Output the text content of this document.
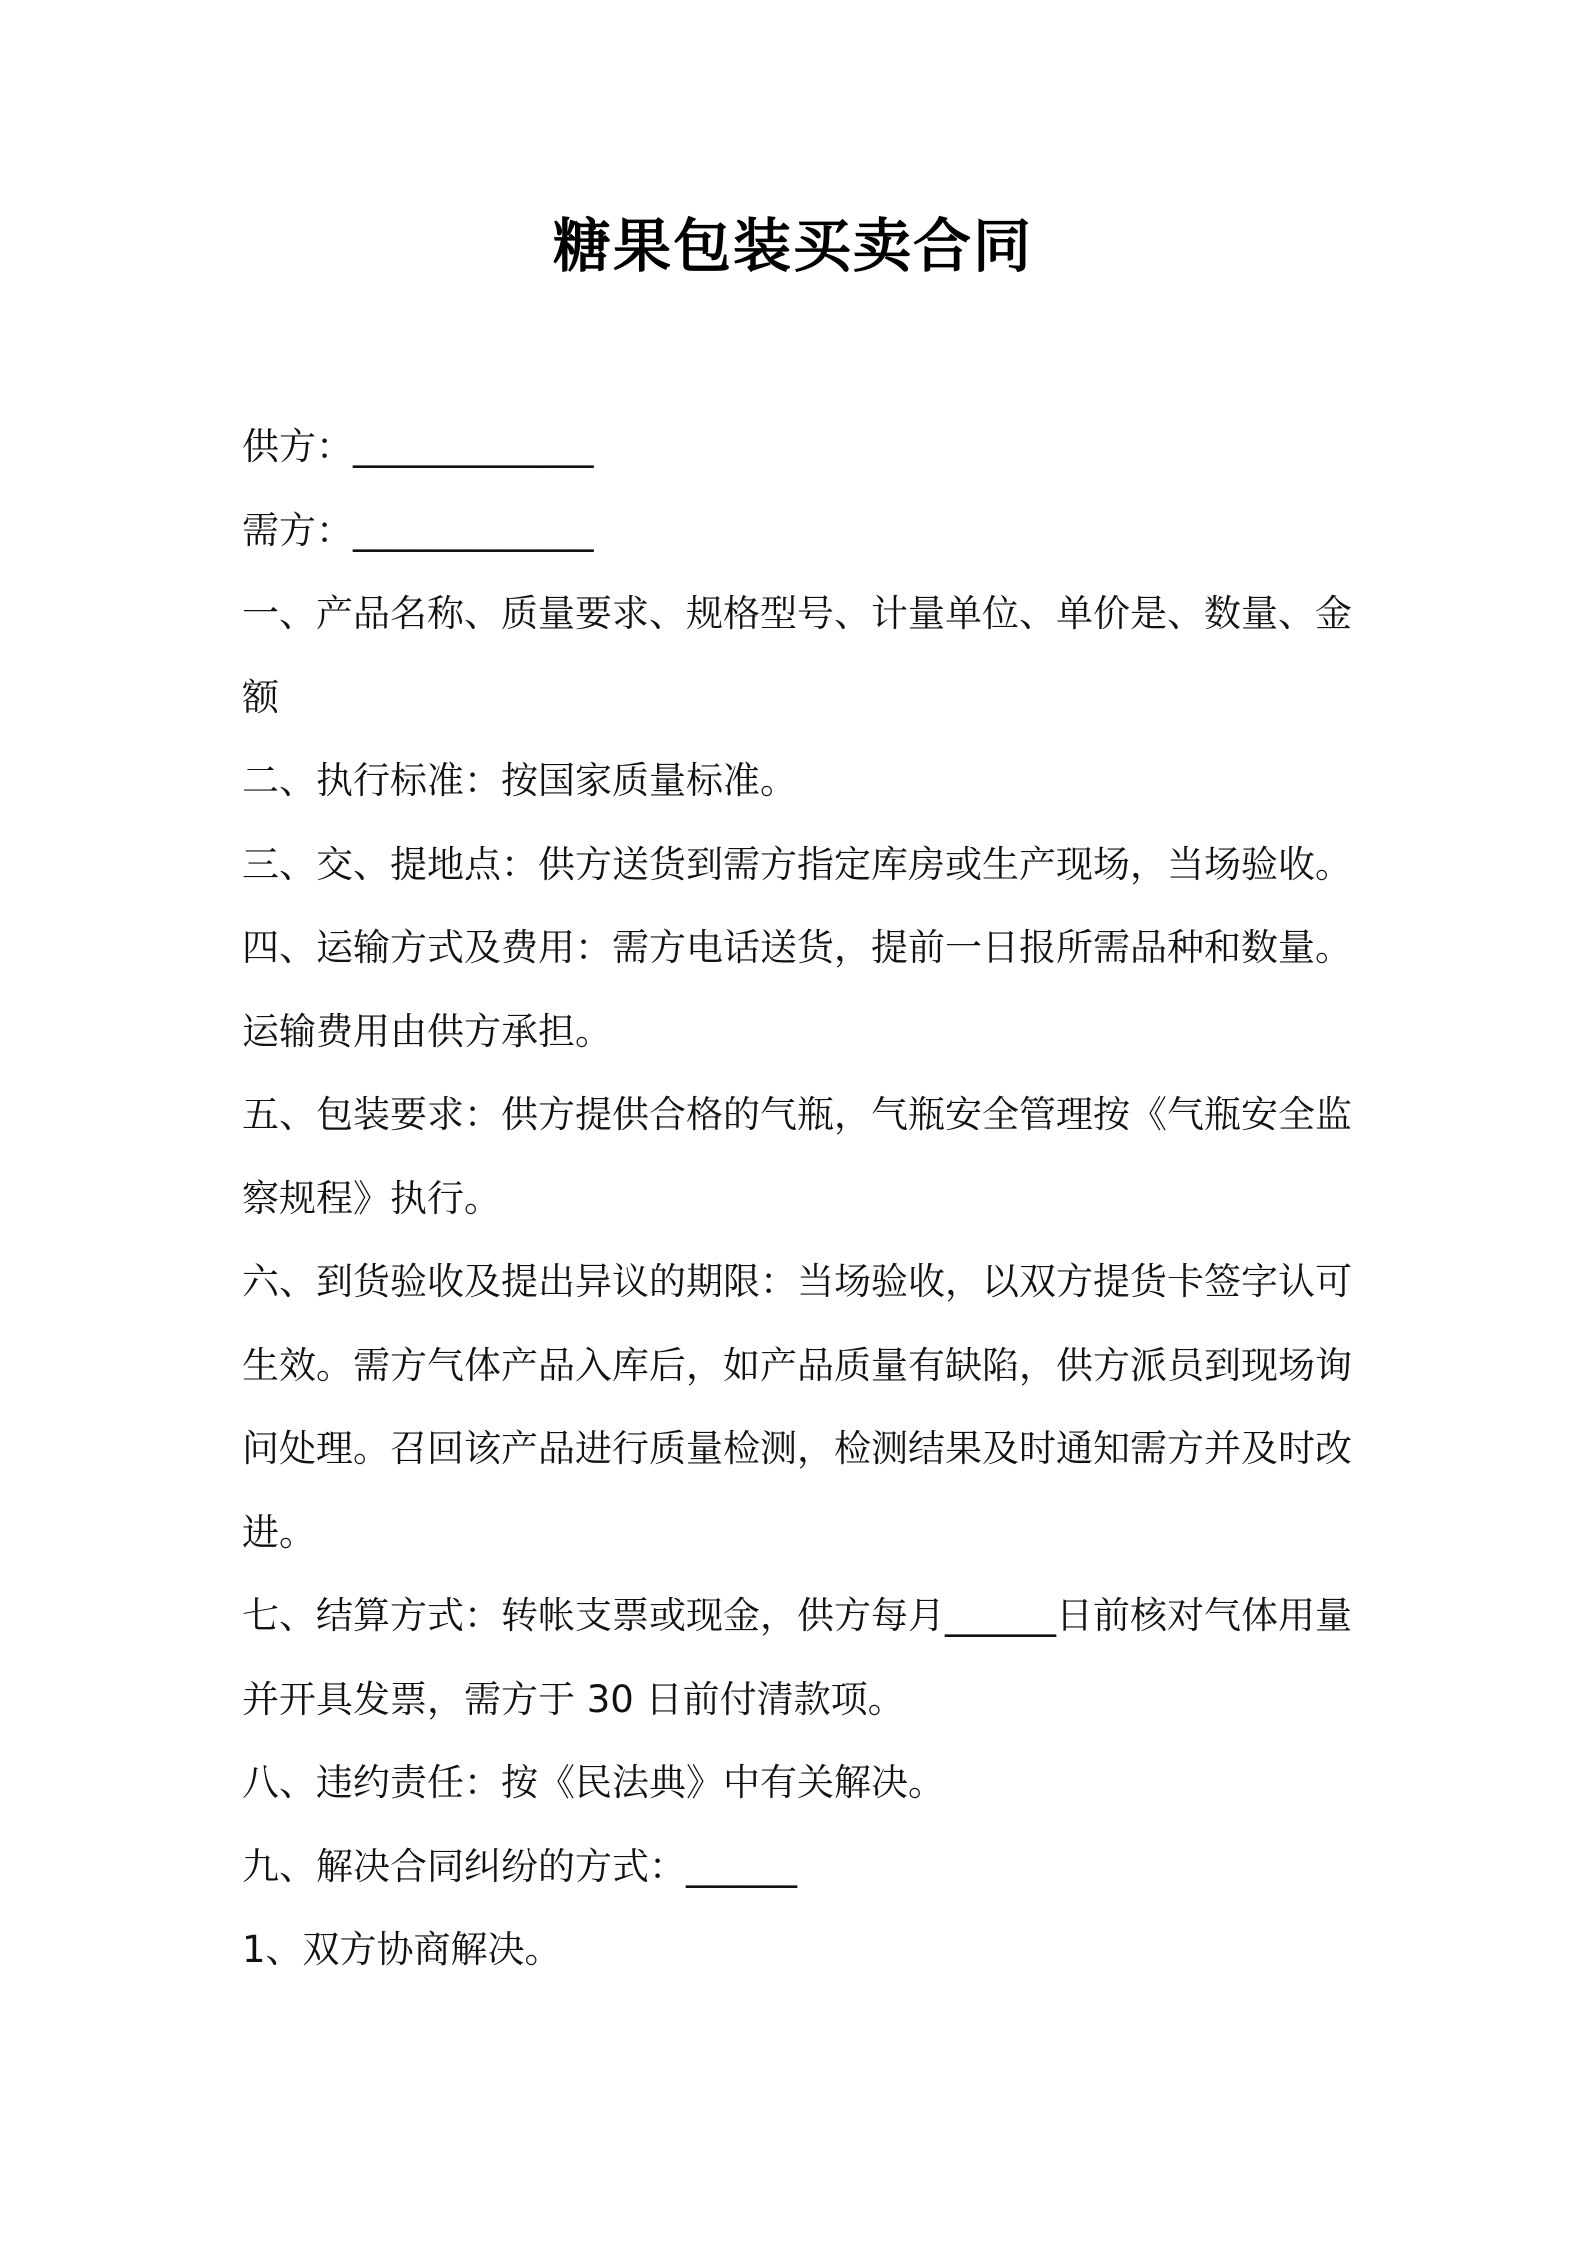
糖果包装买卖合同

供方：_____________

需方：_____________

一、产品名称、质量要求、规格型号、计量单位、单价是、数量、金额

二、执行标准：按国家质量标准。

三、交、提地点：供方送货到需方指定库房或生产现场，当场验收。

四、运输方式及费用：需方电话送货，提前一日报所需品种和数量。运输费用由供方承担。

五、包装要求：供方提供合格的气瓶，气瓶安全管理按《气瓶安全监察规程》执行。

六、到货验收及提出异议的期限：当场验收，以双方提货卡签字认可生效。需方气体产品入库后，如产品质量有缺陷，供方派员到现场询问处理。召回该产品进行质量检测，检测结果及时通知需方并及时改进。

七、结算方式：转帐支票或现金，供方每月______日前核对气体用量并开具发票，需方于 30 日前付清款项。

八、违约责任：按《民法典》中有关解决。

九、解决合同纠纷的方式：______

1、双方协商解决。
